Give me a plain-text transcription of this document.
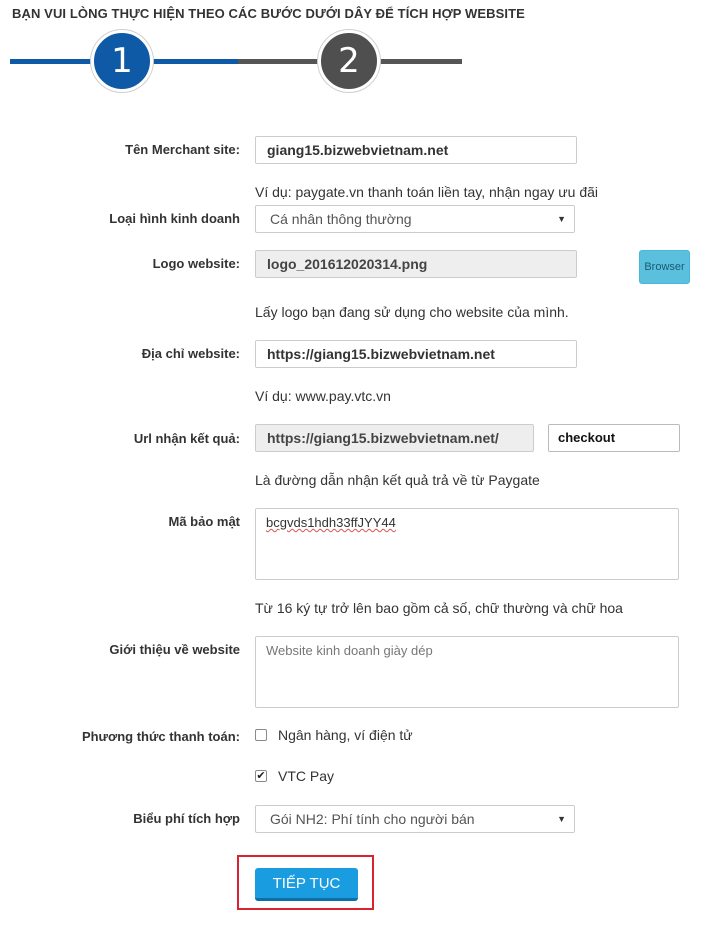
BẠN VUI LÒNG THỰC HIỆN THEO CÁC BƯỚC DƯỚI DÂY ĐỂ TÍCH HỢP WEBSITE
1	2
Tên Merchant site:	giang15.bizwebvietnam.net
Ví dụ: paygate.vn thanh toán liền tay, nhận ngay ưu đãi
Loại hình kinh doanh	Cá nhân thông thường	▼
Logo website:	logo_201612020314.png	Browser
Lấy logo bạn đang sử dụng cho website của mình.
Địa chỉ website:	https://giang15.bizwebvietnam.net
Ví dụ: www.pay.vtc.vn
Url nhận kết quả:	https://giang15.bizwebvietnam.net/	checkout
Là đường dẫn nhận kết quả trả về từ Paygate
Mã bảo mật	bcgvds1hdh33ffJYY44
Từ 16 ký tự trở lên bao gồm cả số, chữ thường và chữ hoa
Giới thiệu về website	Website kinh doanh giày dép
Phương thức thanh toán:	Ngân hàng, ví điện tử
✔ VTC Pay
Biểu phí tích hợp	Gói NH2: Phí tính cho người bán	▼
TIẾP TỤC
